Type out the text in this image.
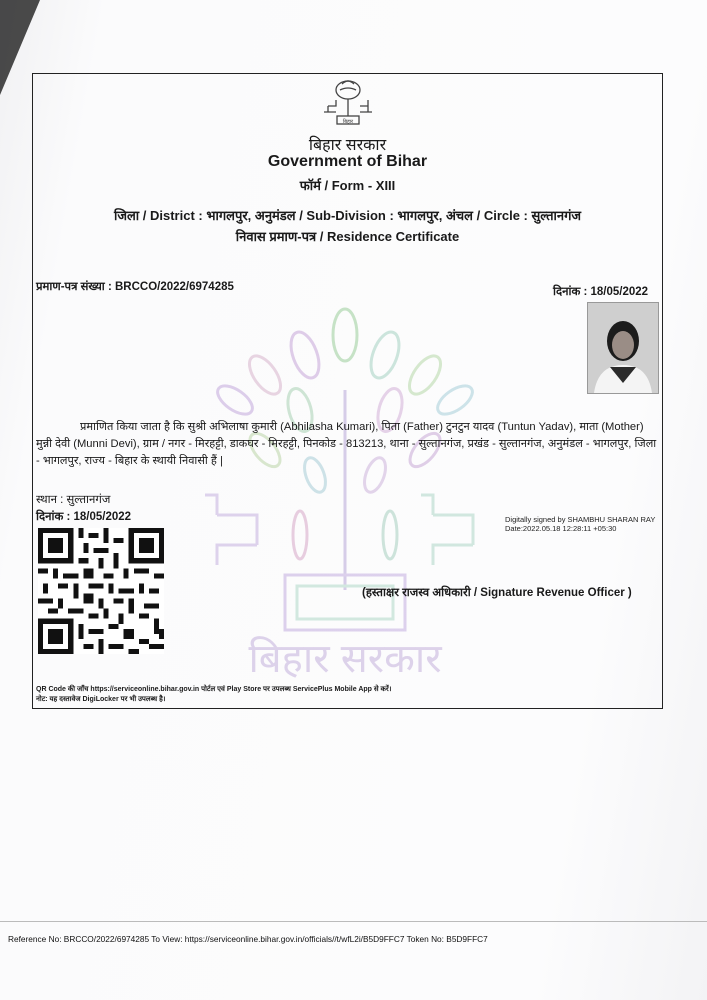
बिहार
बिहार सरकार
Government of Bihar
फॉर्म / Form - XIII
जिला / District : भागलपुर, अनुमंडल / Sub-Division : भागलपुर, अंचल / Circle : सुल्तानगंज
निवास प्रमाण-पत्र / Residence Certificate
प्रमाण-पत्र संख्या : BRCCO/2022/6974285	दिनांक : 18/05/2022
बिहार सरकार
प्रमाणित किया जाता है कि सुश्री अभिलाषा कुमारी (Abhilasha Kumari), पिता (Father) टुनटुन यादव (Tuntun Yadav), माता (Mother) मुन्नी देवी (Munni Devi), ग्राम / नगर - मिरहट्टी, डाकघर - मिरहट्टी, पिनकोड - 813213, थाना - सुल्तानगंज, प्रखंड - सुल्तानगंज, अनुमंडल - भागलपुर, जिला - भागलपुर, राज्य - बिहार के स्थायी निवासी हैं |
स्थान : सुल्तानगंज
दिनांक : 18/05/2022	Digitally signed by SHAMBHU SHARAN RAY
Date:2022.05.18 12:28:11 +05:30
(हस्ताक्षर राजस्व अधिकारी / Signature Revenue Officer )
QR Code की जाँच https://serviceonline.bihar.gov.in पोर्टल एवं Play Store पर उपलब्ध ServicePlus Mobile App से करें।
नोट: यह दस्तावेज DigiLocker पर भी उपलब्ध है।
Reference No: BRCCO/2022/6974285 To View: https://serviceonline.bihar.gov.in/officials//t/wfL2i/B5D9FFC7 Token No: B5D9FFC7
